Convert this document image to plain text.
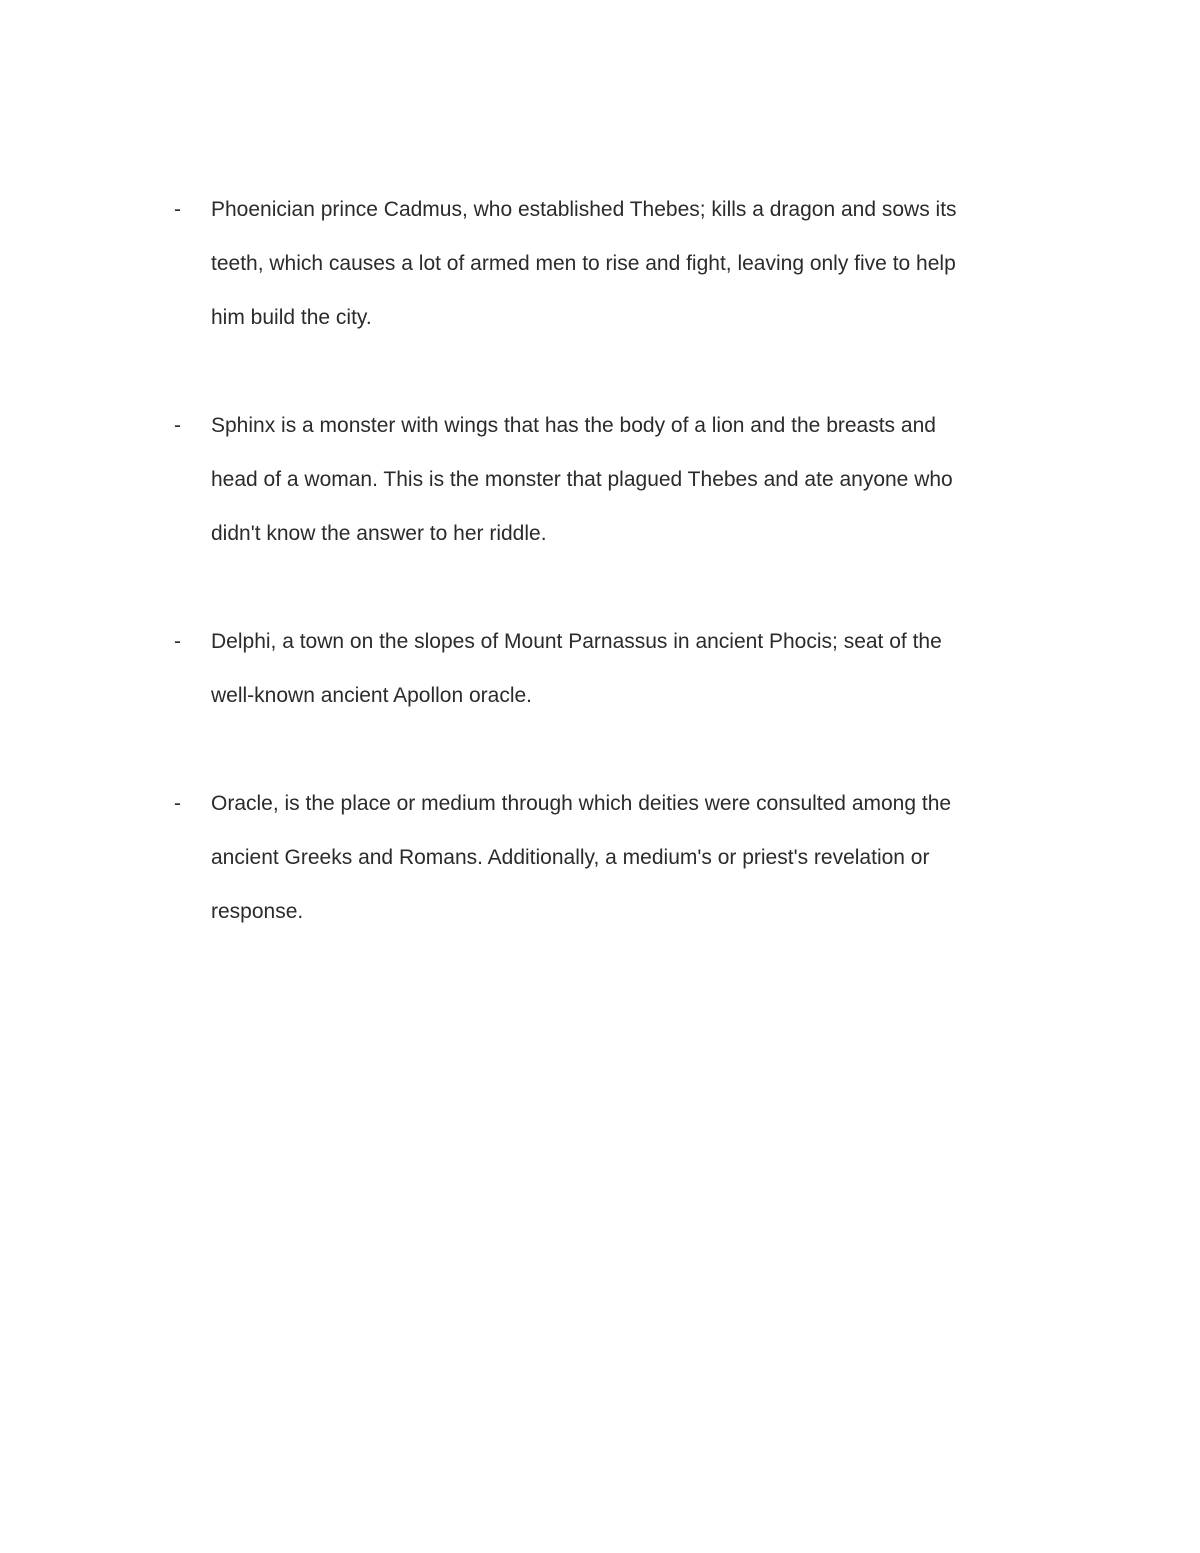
-	Phoenician prince Cadmus, who established Thebes; kills a dragon and sows its
teeth, which causes a lot of armed men to rise and fight, leaving only five to help
him build the city.
-	Sphinx is a monster with wings that has the body of a lion and the breasts and
head of a woman. This is the monster that plagued Thebes and ate anyone who
didn't know the answer to her riddle.
-	Delphi, a town on the slopes of Mount Parnassus in ancient Phocis; seat of the
well-known ancient Apollon oracle.
-	Oracle, is the place or medium through which deities were consulted among the
ancient Greeks and Romans. Additionally, a medium's or priest's revelation or
response.
